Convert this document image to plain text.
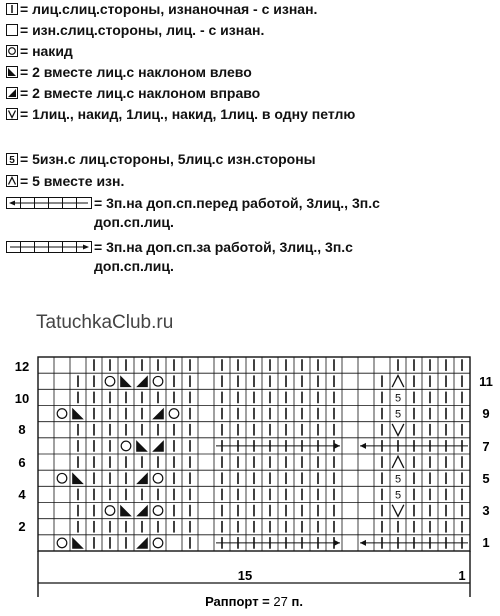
= лиц.слиц.стороны, изнаночная - с изнан.
= изн.слиц.стороны, лиц. - с изнан.
= накид
= 2 вместе лиц.с наклоном влево
= 2 вместе лиц.с наклоном вправо
= 1лиц., накид, 1лиц., накид, 1лиц. в одну петлю
5 = 5изн.с лиц.стороны, 5лиц.с изн.стороны
= 5 вместе изн.
= 3п.на доп.сп.перед работой, 3лиц., 3п.с
доп.сп.лиц.
= 3п.на доп.сп.за работой, 3лиц., 3п.с
доп.сп.лиц.
TatuchkaClub.ru
5
5
5
5
12
10
8
6
4
2
11
9
7
5
3
1
15	1
Раппорт = 27 п.
